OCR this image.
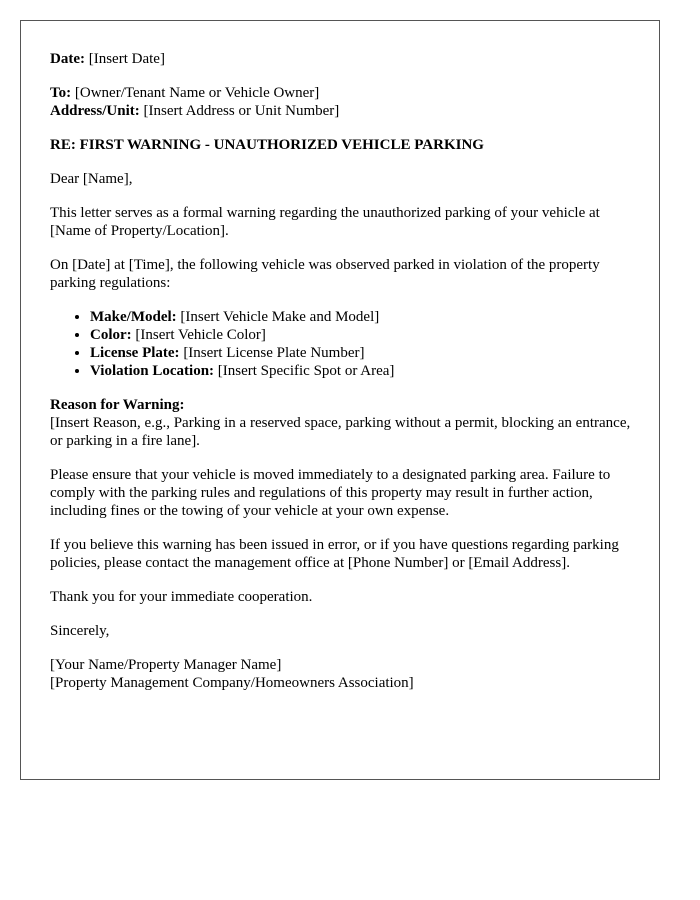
Date: [Insert Date]

To: [Owner/Tenant Name or Vehicle Owner]
Address/Unit: [Insert Address or Unit Number]

RE: FIRST WARNING - UNAUTHORIZED VEHICLE PARKING

Dear [Name],

This letter serves as a formal warning regarding the unauthorized parking of your vehicle at [Name of Property/Location].

On [Date] at [Time], the following vehicle was observed parked in violation of the property parking regulations:

• Make/Model: [Insert Vehicle Make and Model]
• Color: [Insert Vehicle Color]
• License Plate: [Insert License Plate Number]
• Violation Location: [Insert Specific Spot or Area]

Reason for Warning:
[Insert Reason, e.g., Parking in a reserved space, parking without a permit, blocking an entrance, or parking in a fire lane].

Please ensure that your vehicle is moved immediately to a designated parking area. Failure to comply with the parking rules and regulations of this property may result in further action, including fines or the towing of your vehicle at your own expense.

If you believe this warning has been issued in error, or if you have questions regarding parking policies, please contact the management office at [Phone Number] or [Email Address].

Thank you for your immediate cooperation.

Sincerely,

[Your Name/Property Manager Name]
[Property Management Company/Homeowners Association]
